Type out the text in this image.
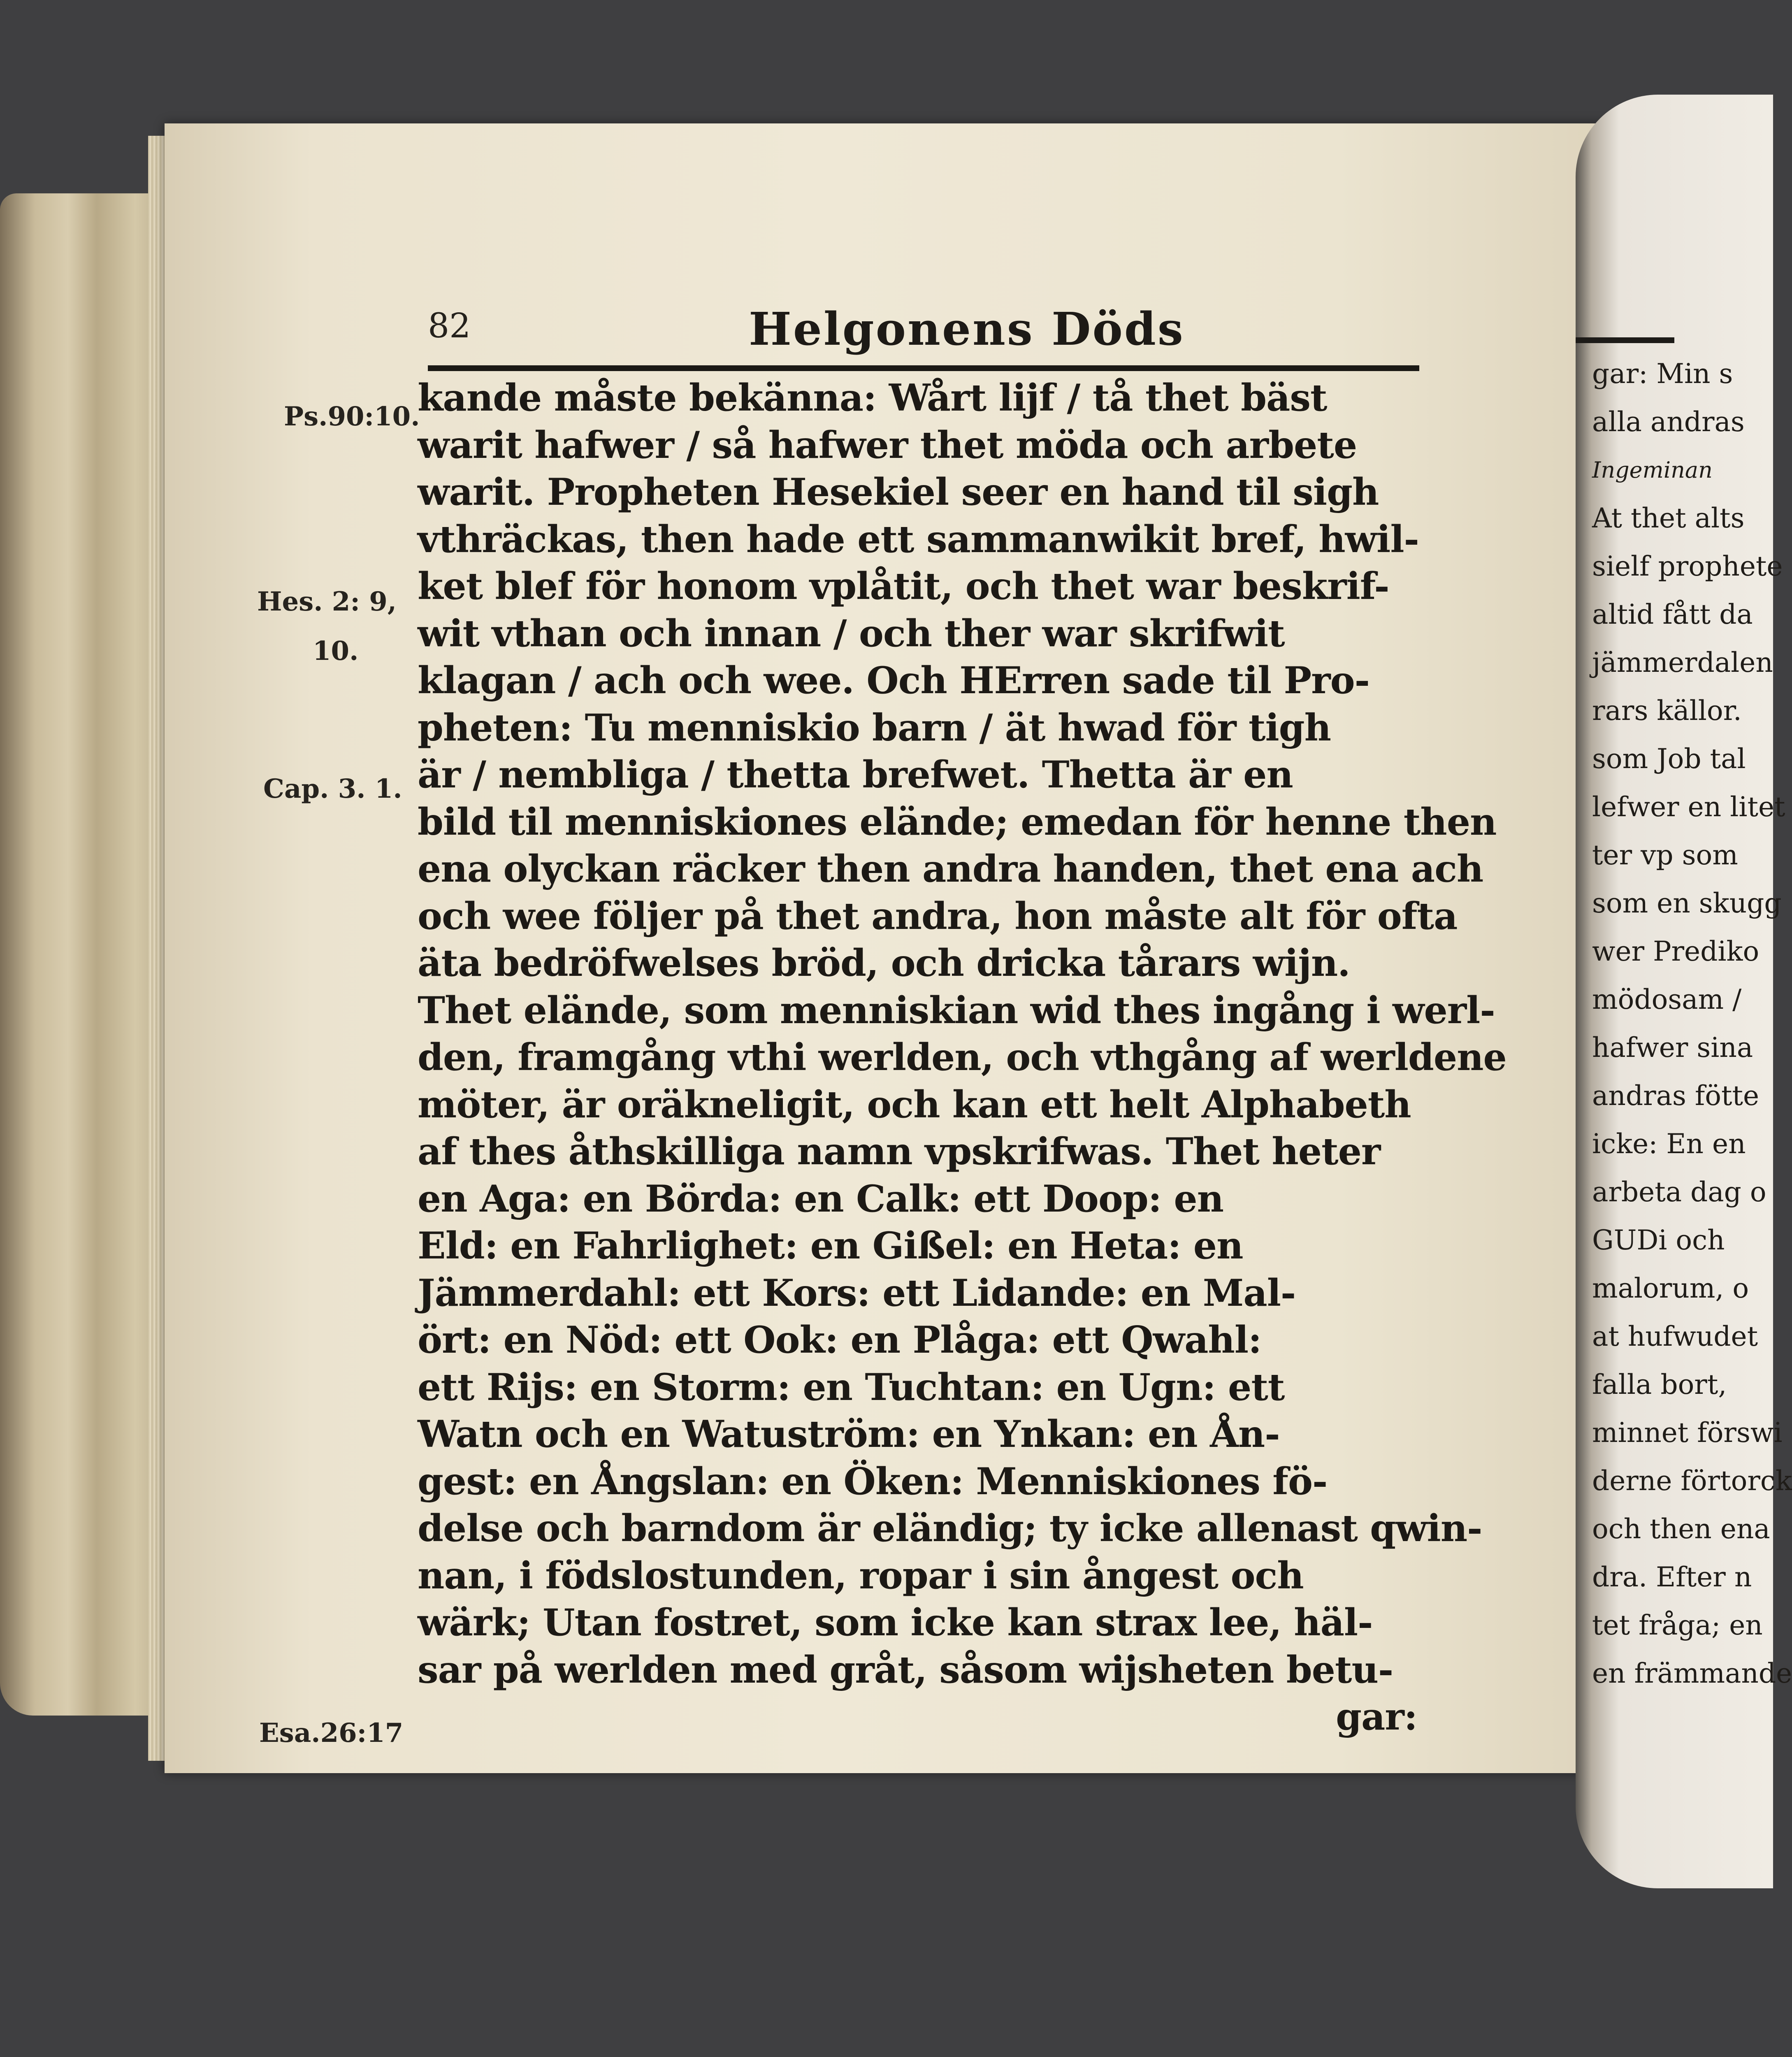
82	Helgonens Döds
Ps.90:10.
Hes. 2: 9,
10.
Cap. 3. 1.
Esa.26:17
kande måste bekänna: Wårt lijf / tå thet bäst
warit hafwer / så hafwer thet möda och arbete
warit. Propheten Hesekiel seer en hand til sigh
vthräckas, then hade ett sammanwikit bref, hwil-
ket blef för honom vplåtit, och thet war beskrif-
wit vthan och innan / och ther war skrifwit
klagan / ach och wee. Och HErren sade til Pro-
pheten: Tu menniskio barn / ät hwad för tigh
är / nembliga / thetta brefwet. Thetta är en
bild til menniskiones elände; emedan för henne then
ena olyckan räcker then andra handen, thet ena ach
och wee följer på thet andra, hon måste alt för ofta
äta bedröfwelses bröd, och dricka tårars wijn.
Thet elände, som menniskian wid thes ingång i werl-
den, framgång vthi werlden, och vthgång af werldene
möter, är oräkneligit, och kan ett helt Alphabeth
af thes åthskilliga namn vpskrifwas. Thet heter
en Aga: en Börda: en Calk: ett Doop: en
Eld: en Fahrlighet: en Gißel: en Heta: en
Jämmerdahl: ett Kors: ett Lidande: en Mal-
ört: en Nöd: ett Ook: en Plåga: ett Qwahl:
ett Rijs: en Storm: en Tuchtan: en Ugn: ett
Watn och en Watuström: en Ynkan: en Ån-
gest: en Ångslan: en Öken: Menniskiones fö-
delse och barndom är eländig; ty icke allenast qwin-
nan, i födslostunden, ropar i sin ångest och
wärk; Utan fostret, som icke kan strax lee, häl-
sar på werlden med gråt, såsom wijsheten betu-
gar:
gar: Min s
alla andras
Ingeminan
At thet alts
sielf prophete
altid fått da
jämmerdalen
rars källor.
som Job tal
lefwer en litet
ter vp som
som en skugg
wer Prediko
mödosam /
hafwer sina
andras fötte
icke: En en
arbeta dag o
GUDi och
malorum, o
at hufwudet
falla bort,
minnet förswi
derne förtorck
och then ena
dra. Efter n
tet fråga; en
en främmande
